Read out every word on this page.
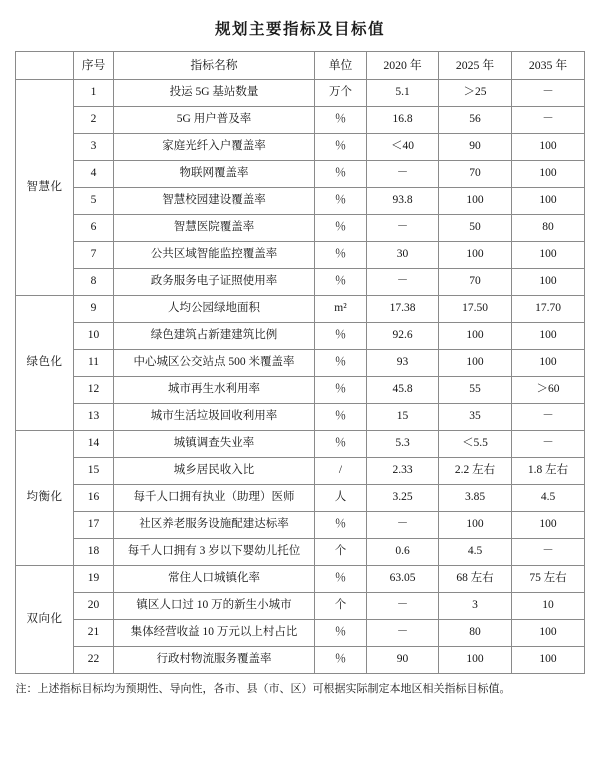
规划主要指标及目标值
	序号	指标名称	单位	2020 年	2025 年	2035 年
智慧化	1	投运 5G 基站数量	万个	5.1	＞25	－
	2	5G 用户普及率	％	16.8	56	－
	3	家庭光纤入户覆盖率	％	＜40	90	100
	4	物联网覆盖率	％	－	70	100
	5	智慧校园建设覆盖率	％	93.8	100	100
	6	智慧医院覆盖率	％	－	50	80
	7	公共区域智能监控覆盖率	％	30	100	100
	8	政务服务电子证照使用率	％	－	70	100
绿色化	9	人均公园绿地面积	m²	17.38	17.50	17.70
	10	绿色建筑占新建建筑比例	％	92.6	100	100
	11	中心城区公交站点 500 米覆盖率	％	93	100	100
	12	城市再生水利用率	％	45.8	55	＞60
	13	城市生活垃圾回收利用率	％	15	35	－
均衡化	14	城镇调查失业率	％	5.3	＜5.5	－
	15	城乡居民收入比	/	2.33	2.2 左右	1.8 左右
	16	每千人口拥有执业（助理）医师	人	3.25	3.85	4.5
	17	社区养老服务设施配建达标率	％	－	100	100
	18	每千人口拥有 3 岁以下婴幼儿托位	个	0.6	4.5	－
双向化	19	常住人口城镇化率	％	63.05	68 左右	75 左右
	20	镇区人口过 10 万的新生小城市	个	－	3	10
	21	集体经营收益 10 万元以上村占比	％	－	80	100
	22	行政村物流服务覆盖率	％	90	100	100
注：上述指标目标均为预期性、导向性，各市、县（市、区）可根据实际制定本地区相关指标目标值。
